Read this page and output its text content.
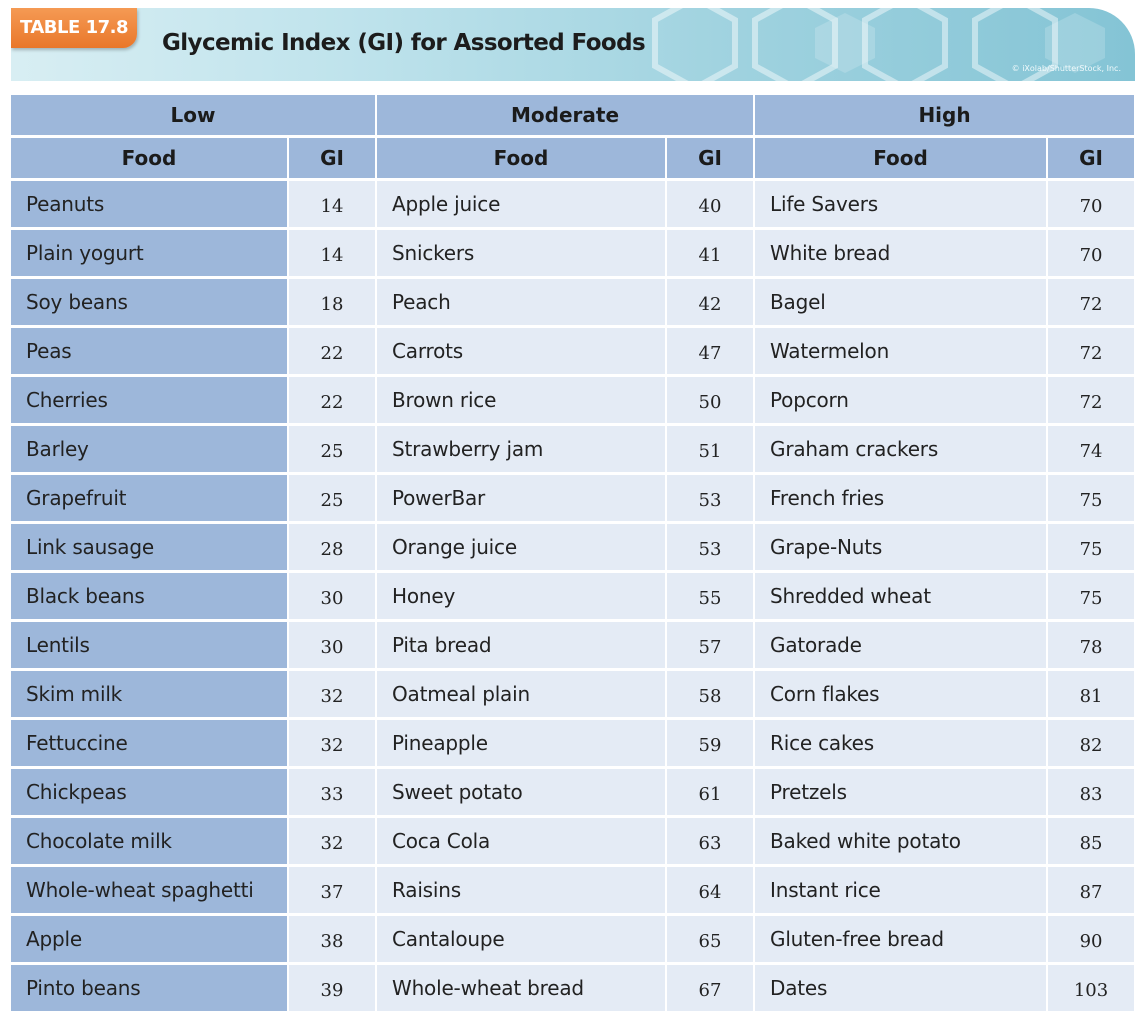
TABLE 17.8
Glycemic Index (GI) for Assorted Foods
© iXolab/ShutterStock, Inc.
Low		Moderate		High	
Food	GI	Food	GI	Food	GI
Peanuts	14	Apple juice	40	Life Savers	70
Plain yogurt	14	Snickers	41	White bread	70
Soy beans	18	Peach	42	Bagel	72
Peas	22	Carrots	47	Watermelon	72
Cherries	22	Brown rice	50	Popcorn	72
Barley	25	Strawberry jam	51	Graham crackers	74
Grapefruit	25	PowerBar	53	French fries	75
Link sausage	28	Orange juice	53	Grape-Nuts	75
Black beans	30	Honey	55	Shredded wheat	75
Lentils	30	Pita bread	57	Gatorade	78
Skim milk	32	Oatmeal plain	58	Corn flakes	81
Fettuccine	32	Pineapple	59	Rice cakes	82
Chickpeas	33	Sweet potato	61	Pretzels	83
Chocolate milk	32	Coca Cola	63	Baked white potato	85
Whole-wheat spaghetti	37	Raisins	64	Instant rice	87
Apple	38	Cantaloupe	65	Gluten-free bread	90
Pinto beans	39	Whole-wheat bread	67	Dates	103
